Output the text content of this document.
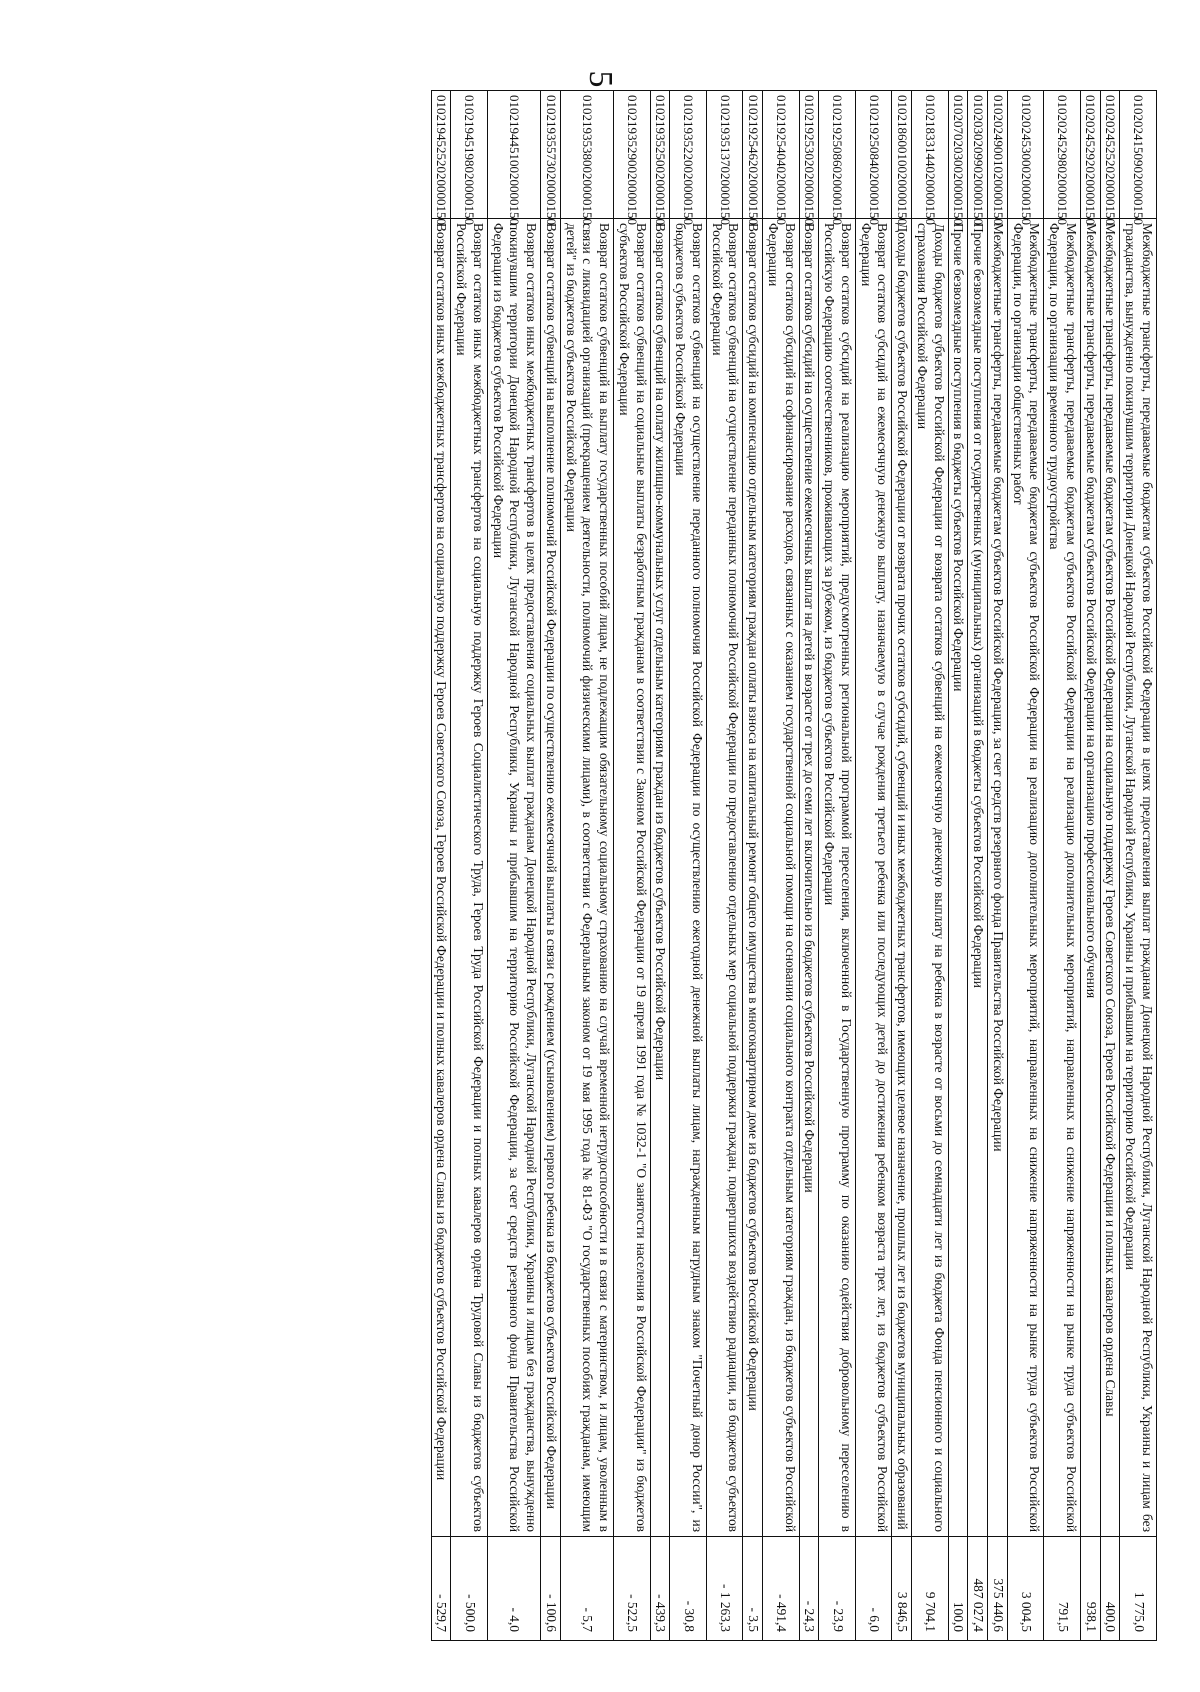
5
01020241509020000150	Межбюджетные трансферты, передаваемые бюджетам субъектов Российской Федерации в целях предоставления выплат гражданам Донецкой Народной Республики, Луганской Народной Республики, Украины и лицам без гражданства, вынужденно покинувшим территории Донецкой Народной Республики, Луганской Народной Республики, Украины и прибывшим на территорию Российской Федерации	1 775,0
01020245252020000150	Межбюджетные трансферты, передаваемые бюджетам субъектов Российской Федерации на социальную поддержку Героев Советского Союза, Героев Российской Федерации и полных кавалеров ордена Славы	400,0
01020245292020000150	Межбюджетные трансферты, передаваемые бюджетам субъектов Российской Федерации на организацию профессионального обучения	938,1
01020245298020000150	Межбюджетные трансферты, передаваемые бюджетам субъектов Российской Федерации на реализацию дополнительных мероприятий, направленных на снижение напряженности на рынке труда субъектов Российской Федерации, по организации временного трудоустройства	791,5
01020245300020000150	Межбюджетные трансферты, передаваемые бюджетам субъектов Российской Федерации на реализацию дополнительных мероприятий, направленных на снижение напряженности на рынке труда субъектов Российской Федерации, по организации общественных работ	3 004,5
01020249001020000150	Межбюджетные трансферты, передаваемые бюджетам субъектов Российской Федерации, за счет средств резервного фонда Правительства Российской Федерации	375 440,6
01020302099020000150	Прочие безвозмездные поступления от государственных (муниципальных) организаций в бюджеты субъектов Российской Федерации	487 027,4
01020702030020000150	Прочие безвозмездные поступления в бюджеты субъектов Российской Федерации	100,0
01021833144020000150	Доходы бюджетов субъектов Российской Федерации от возврата остатков субвенций на ежемесячную денежную выплату на ребенка в возрасте от восьми до семнадцати лет из бюджета Фонда пенсионного и социального страхования Российской Федерации	9 704,1
01021860010020000150	Доходы бюджетов субъектов Российской Федерации от возврата прочих остатков субсидий, субвенций и иных межбюджетных трансфертов, имеющих целевое назначение, прошлых лет из бюджетов муниципальных образований	3 846,5
01021925084020000150	Возврат остатков субсидий на ежемесячную денежную выплату, назначаемую в случае рождения третьего ребенка или последующих детей до достижения ребенком возраста трех лет, из бюджетов субъектов Российской Федерации	- 6,0
01021925086020000150	Возврат остатков субсидий на реализацию мероприятий, предусмотренных региональной программой переселения, включенной в Государственную программу по оказанию содействия добровольному переселению в Российскую Федерацию соотечественников, проживающих за рубежом, из бюджетов субъектов Российской Федерации	- 23,9
01021925302020000150	Возврат остатков субсидий на осуществление ежемесячных выплат на детей в возрасте от трех до семи лет включительно из бюджетов субъектов Российской Федерации	- 24,3
01021925404020000150	Возврат остатков субсидий на софинансирование расходов, связанных с оказанием государственной социальной помощи на основании социального контракта отдельным категориям граждан, из бюджетов субъектов Российской Федерации	- 491,4
01021925462020000150	Возврат остатков субсидий на компенсацию отдельным категориям граждан оплаты взноса на капитальный ремонт общего имущества в многоквартирном доме из бюджетов субъектов Российской Федерации	- 3,5
01021935137020000150	Возврат остатков субвенций на осуществление переданных полномочий Российской Федерации по предоставлению отдельных мер социальной поддержки граждан, подвергшихся воздействию радиации, из бюджетов субъектов Российской Федерации	- 1 263,3
01021935220020000150	Возврат остатков субвенций на осуществление переданного полномочия Российской Федерации по осуществлению ежегодной денежной выплаты лицам, награжденным нагрудным знаком "Почетный донор России", из бюджетов субъектов Российской Федерации	- 30,8
01021935250020000150	Возврат остатков субвенций на оплату жилищно-коммунальных услуг отдельным категориям граждан из бюджетов субъектов Российской Федерации	- 439,3
01021935290020000150	Возврат остатков субвенций на социальные выплаты безработным гражданам в соответствии с Законом Российской Федерации от 19 апреля 1991 года № 1032-1 "О занятости населения в Российской Федерации" из бюджетов субъектов Российской Федерации	- 522,5
01021935380020000150	Возврат остатков субвенций на выплату государственных пособий лицам, не подлежащим обязательному социальному страхованию на случай временной нетрудоспособности и в связи с материнством, и лицам, уволенным в связи с ликвидацией организаций (прекращением деятельности, полномочий физическими лицами), в соответствии с Федеральным законом от 19 мая 1995 года № 81-ФЗ "О государственных пособиях гражданам, имеющим детей" из бюджетов субъектов Российской Федерации	- 5,7
01021935573020000150	Возврат остатков субвенций на выполнение полномочий Российской Федерации по осуществлению ежемесячной выплаты в связи с рождением (усыновлением) первого ребенка из бюджетов субъектов Российской Федерации	- 100,6
01021944510020000150	Возврат остатков иных межбюджетных трансфертов в целях предоставления социальных выплат гражданам Донецкой Народной Республики, Луганской Народной Республики, Украины и лицам без гражданства, вынужденно покинувшим территории Донецкой Народной Республики, Луганской Народной Республики, Украины и прибывшим на территорию Российской Федерации, за счет средств резервного фонда Правительства Российской Федерации из бюджетов субъектов Российской Федерации	- 4,0
01021945198020000150	Возврат остатков иных межбюджетных трансфертов на социальную поддержку Героев Социалистического Труда, Героев Труда Российской Федерации и полных кавалеров ордена Трудовой Славы из бюджетов субъектов Российской Федерации	- 500,0
01021945252020000150	Возврат остатков иных межбюджетных трансфертов на социальную поддержку Героев Советского Союза, Героев Российской Федерации и полных кавалеров ордена Славы из бюджетов субъектов Российской Федерации	- 529,7
